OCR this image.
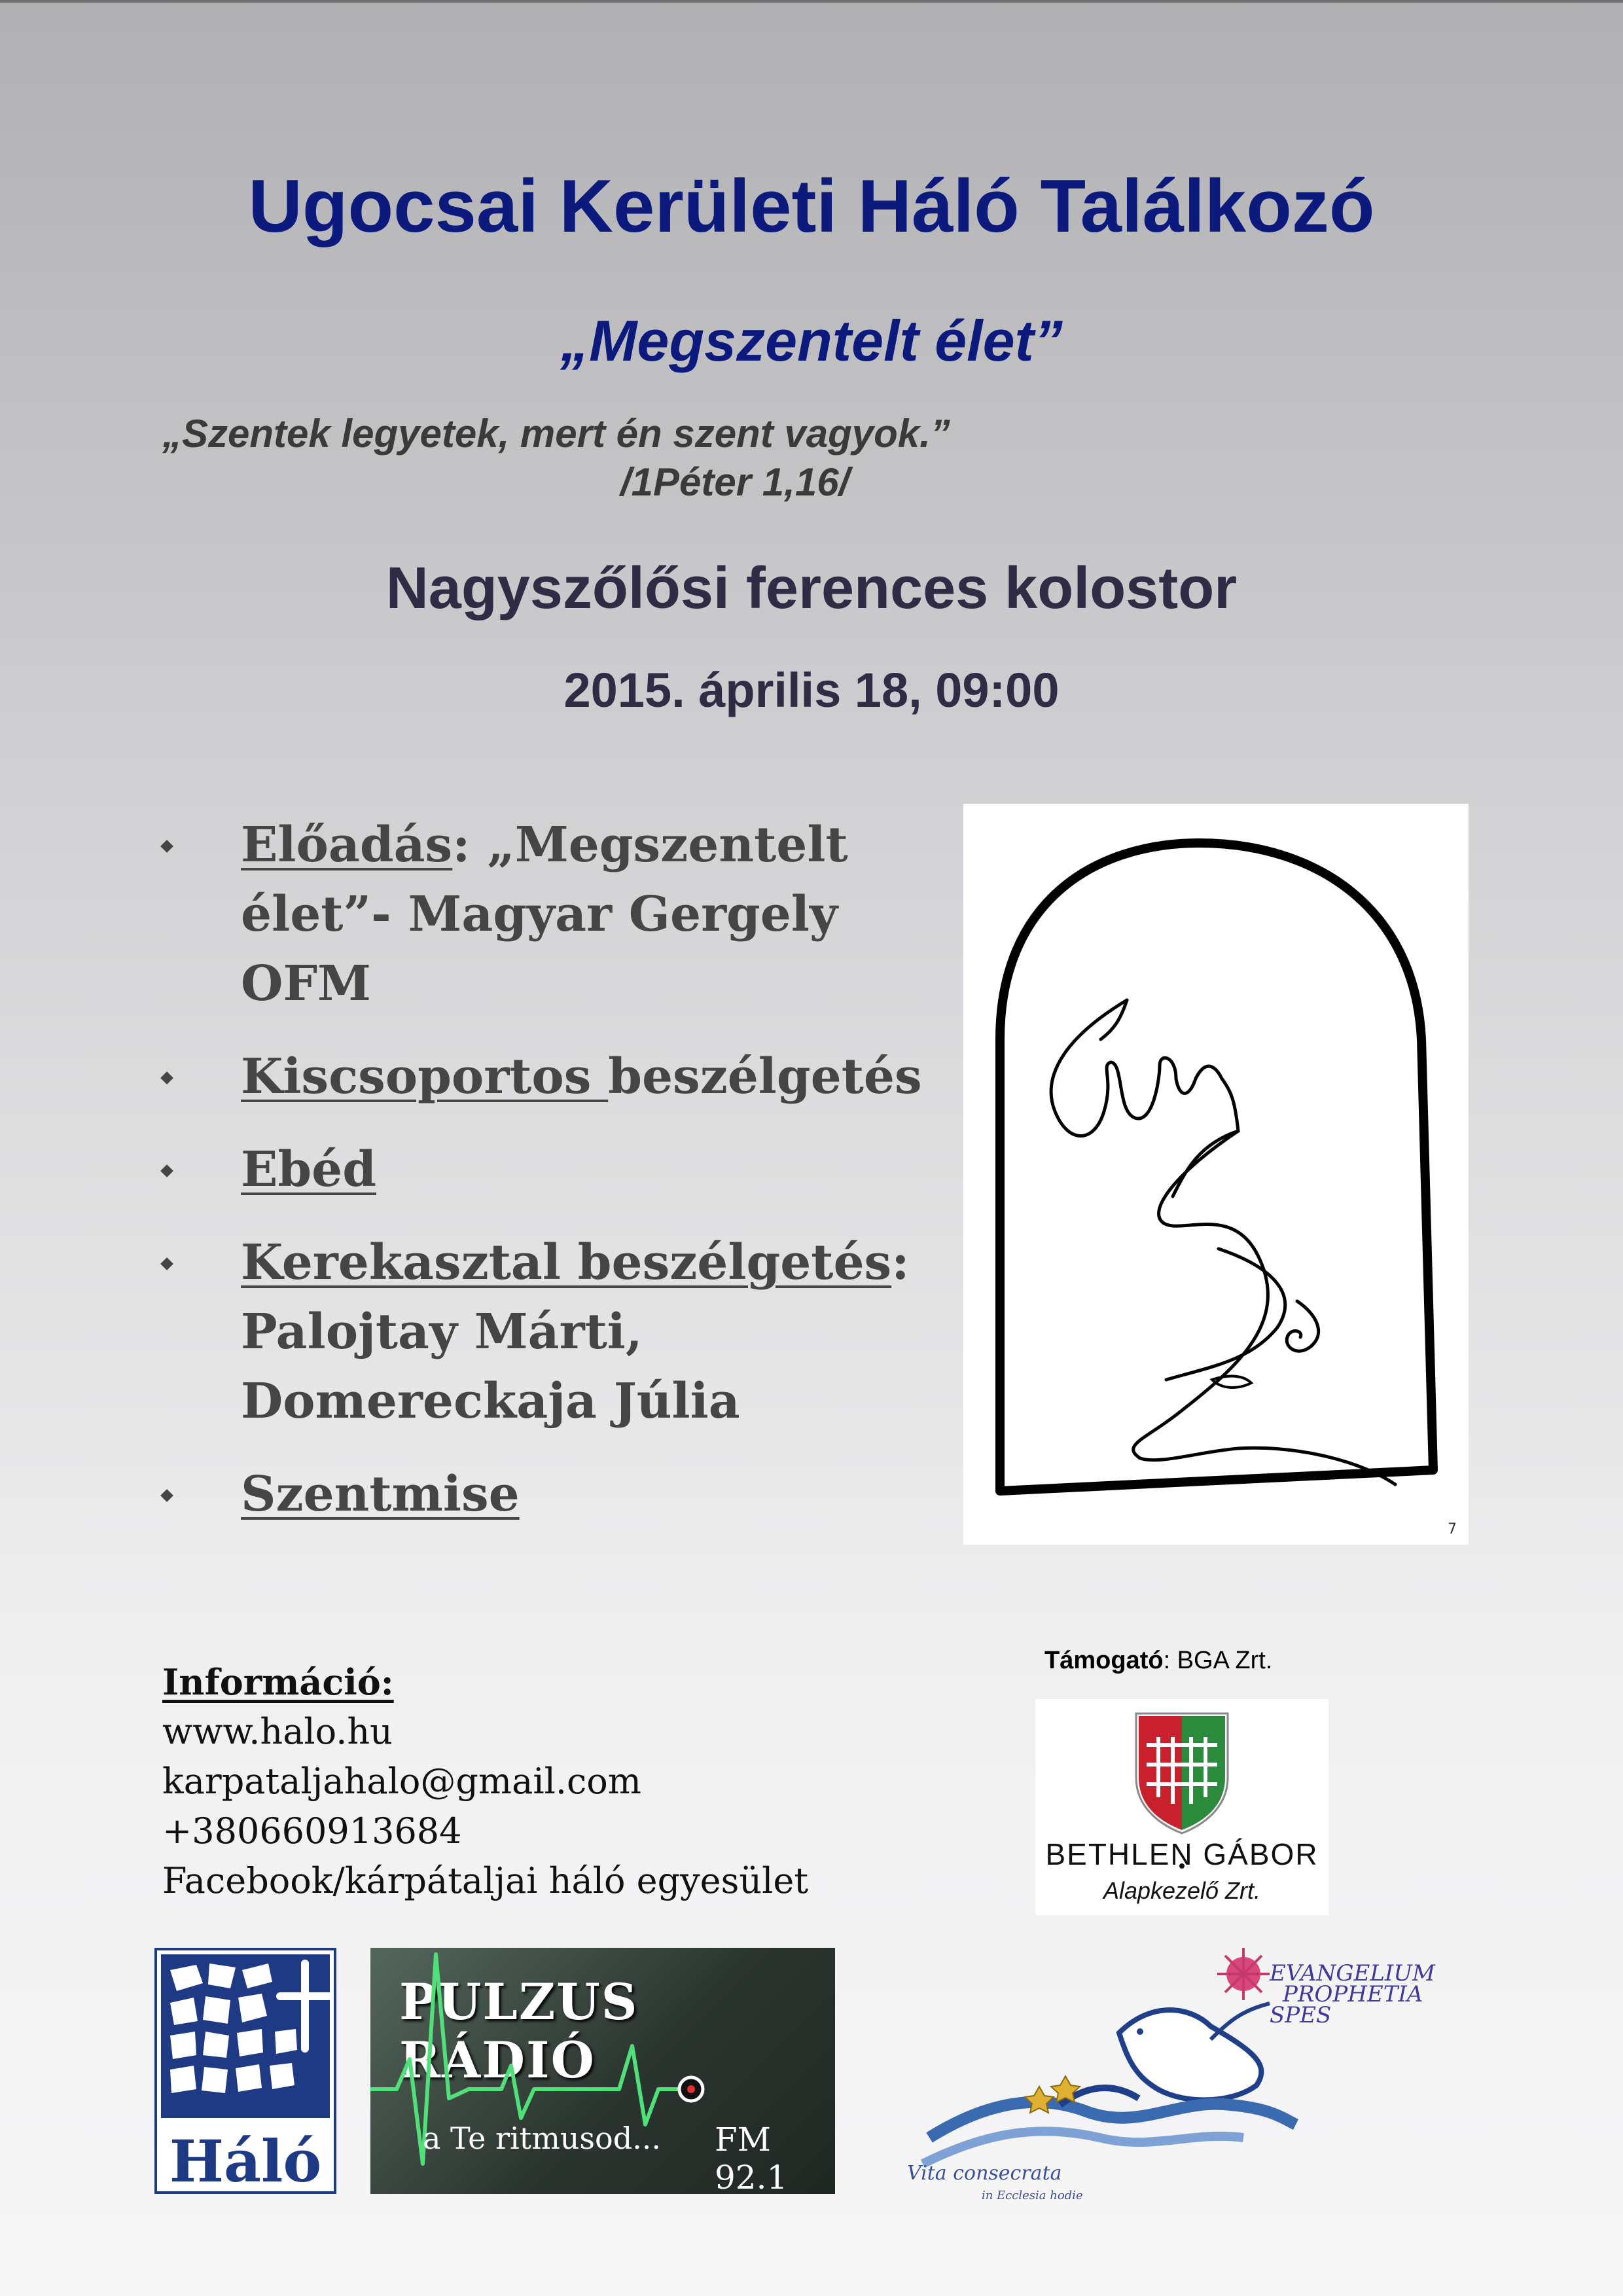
Ugocsai Kerületi Háló Találkozó
„Megszentelt élet”
„Szentek legyetek, mert én szent vagyok.”
/1Péter 1,16/
Nagyszőlősi ferences kolostor
2015. április 18, 09:00
Előadás: „Megszentelt élet”- Magyar Gergely OFM
Kiscsoportos beszélgetés
Ebéd
Kerekasztal beszélgetés:
Palojtay Márti,
Domereckaja Júlia
Szentmise
7
Információ:
www.halo.hu
karpataljahalo@gmail.com
+380660913684
Facebook/kárpátaljai háló egyesület
Támogató: BGA Zrt.
BETHLEN GÁBOR
Alapkezelő Zrt.
Háló
PULZUS RÁDIÓ
a Te ritmusod... FM 92.1
EVANGELIUM
PROPHETIA
SPES
Vita consecrata
in Ecclesia hodie
